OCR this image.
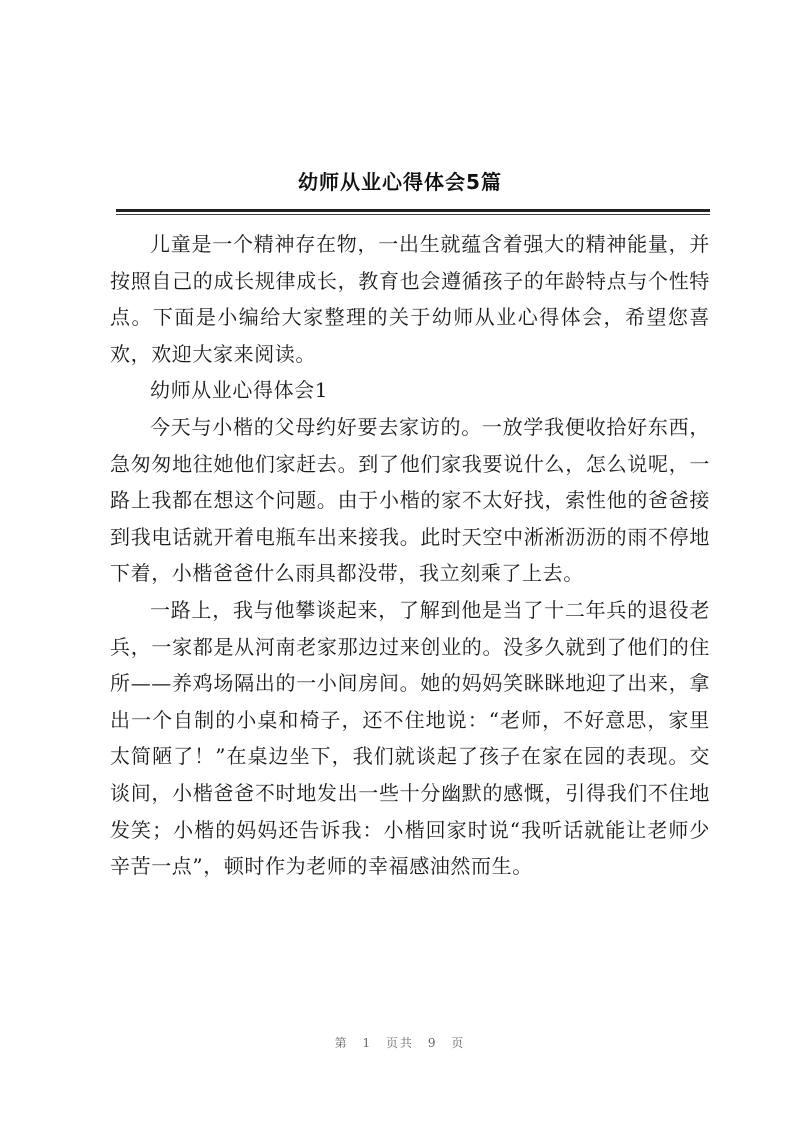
幼师从业心得体会5篇

儿童是一个精神存在物，一出生就蕴含着强大的精神能量，并按照自己的成长规律成长，教育也会遵循孩子的年龄特点与个性特点。下面是小编给大家整理的关于幼师从业心得体会，希望您喜欢，欢迎大家来阅读。

幼师从业心得体会1

今天与小楷的父母约好要去家访的。一放学我便收拾好东西，急匆匆地往她他们家赶去。到了他们家我要说什么，怎么说呢，一路上我都在想这个问题。由于小楷的家不太好找，索性他的爸爸接到我电话就开着电瓶车出来接我。此时天空中淅淅沥沥的雨不停地下着，小楷爸爸什么雨具都没带，我立刻乘了上去。

一路上，我与他攀谈起来，了解到他是当了十二年兵的退役老兵，一家都是从河南老家那边过来创业的。没多久就到了他们的住所——养鸡场隔出的一小间房间。她的妈妈笑眯眯地迎了出来，拿出一个自制的小桌和椅子，还不住地说：“老师，不好意思，家里太简陋了！”在桌边坐下，我们就谈起了孩子在家在园的表现。交谈间，小楷爸爸不时地发出一些十分幽默的感慨，引得我们不住地发笑；小楷的妈妈还告诉我：小楷回家时说“我听话就能让老师少辛苦一点”，顿时作为老师的幸福感油然而生。

第 1 页共 9 页
